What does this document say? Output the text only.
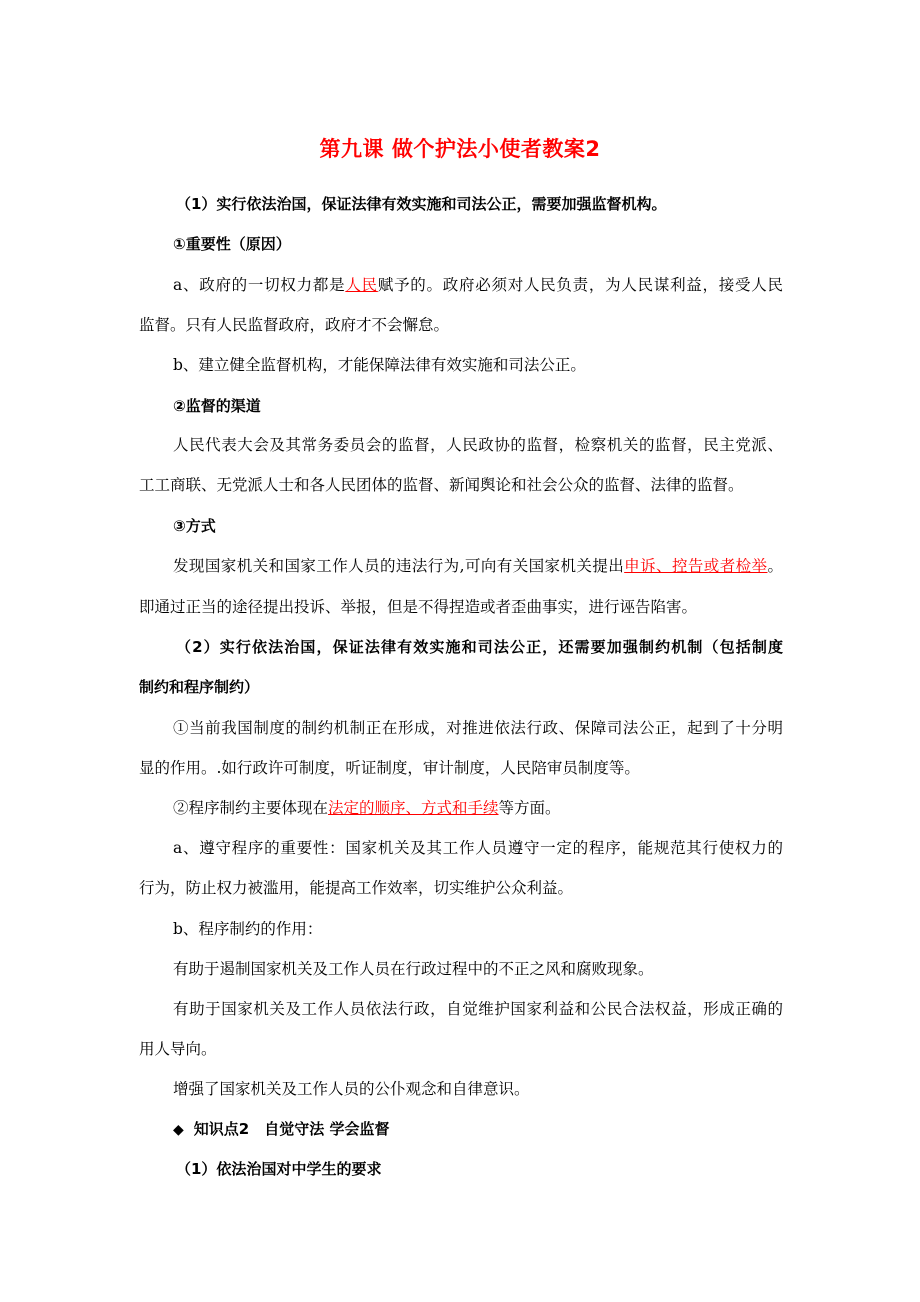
第九课 做个护法小使者教案2
（1）实行依法治国，保证法律有效实施和司法公正，需要加强监督机构。
①重要性（原因）
a、政府的一切权力都是人民赋予的。政府必须对人民负责，为人民谋利益，接受人民
监督。只有人民监督政府，政府才不会懈怠。
b、建立健全监督机构，才能保障法律有效实施和司法公正。
②监督的渠道
人民代表大会及其常务委员会的监督，人民政协的监督，检察机关的监督，民主党派、
工工商联、无党派人士和各人民团体的监督、新闻舆论和社会公众的监督、法律的监督。
③方式
发现国家机关和国家工作人员的违法行为,可向有关国家机关提出申诉、控告或者检举。
即通过正当的途径提出投诉、举报，但是不得捏造或者歪曲事实，进行诬告陷害。
（2）实行依法治国，保证法律有效实施和司法公正，还需要加强制约机制（包括制度
制约和程序制约）
①当前我国制度的制约机制正在形成，对推进依法行政、保障司法公正，起到了十分明
显的作用。.如行政许可制度，听证制度，审计制度，人民陪审员制度等。
②程序制约主要体现在法定的顺序、方式和手续等方面。
a、遵守程序的重要性：国家机关及其工作人员遵守一定的程序，能规范其行使权力的
行为，防止权力被滥用，能提高工作效率，切实维护公众利益。
b、程序制约的作用：
有助于遏制国家机关及工作人员在行政过程中的不正之风和腐败现象。
有助于国家机关及工作人员依法行政，自觉维护国家利益和公民合法权益，形成正确的
用人导向。
增强了国家机关及工作人员的公仆观念和自律意识。
◆ 知识点2　自觉守法 学会监督
（1）依法治国对中学生的要求
